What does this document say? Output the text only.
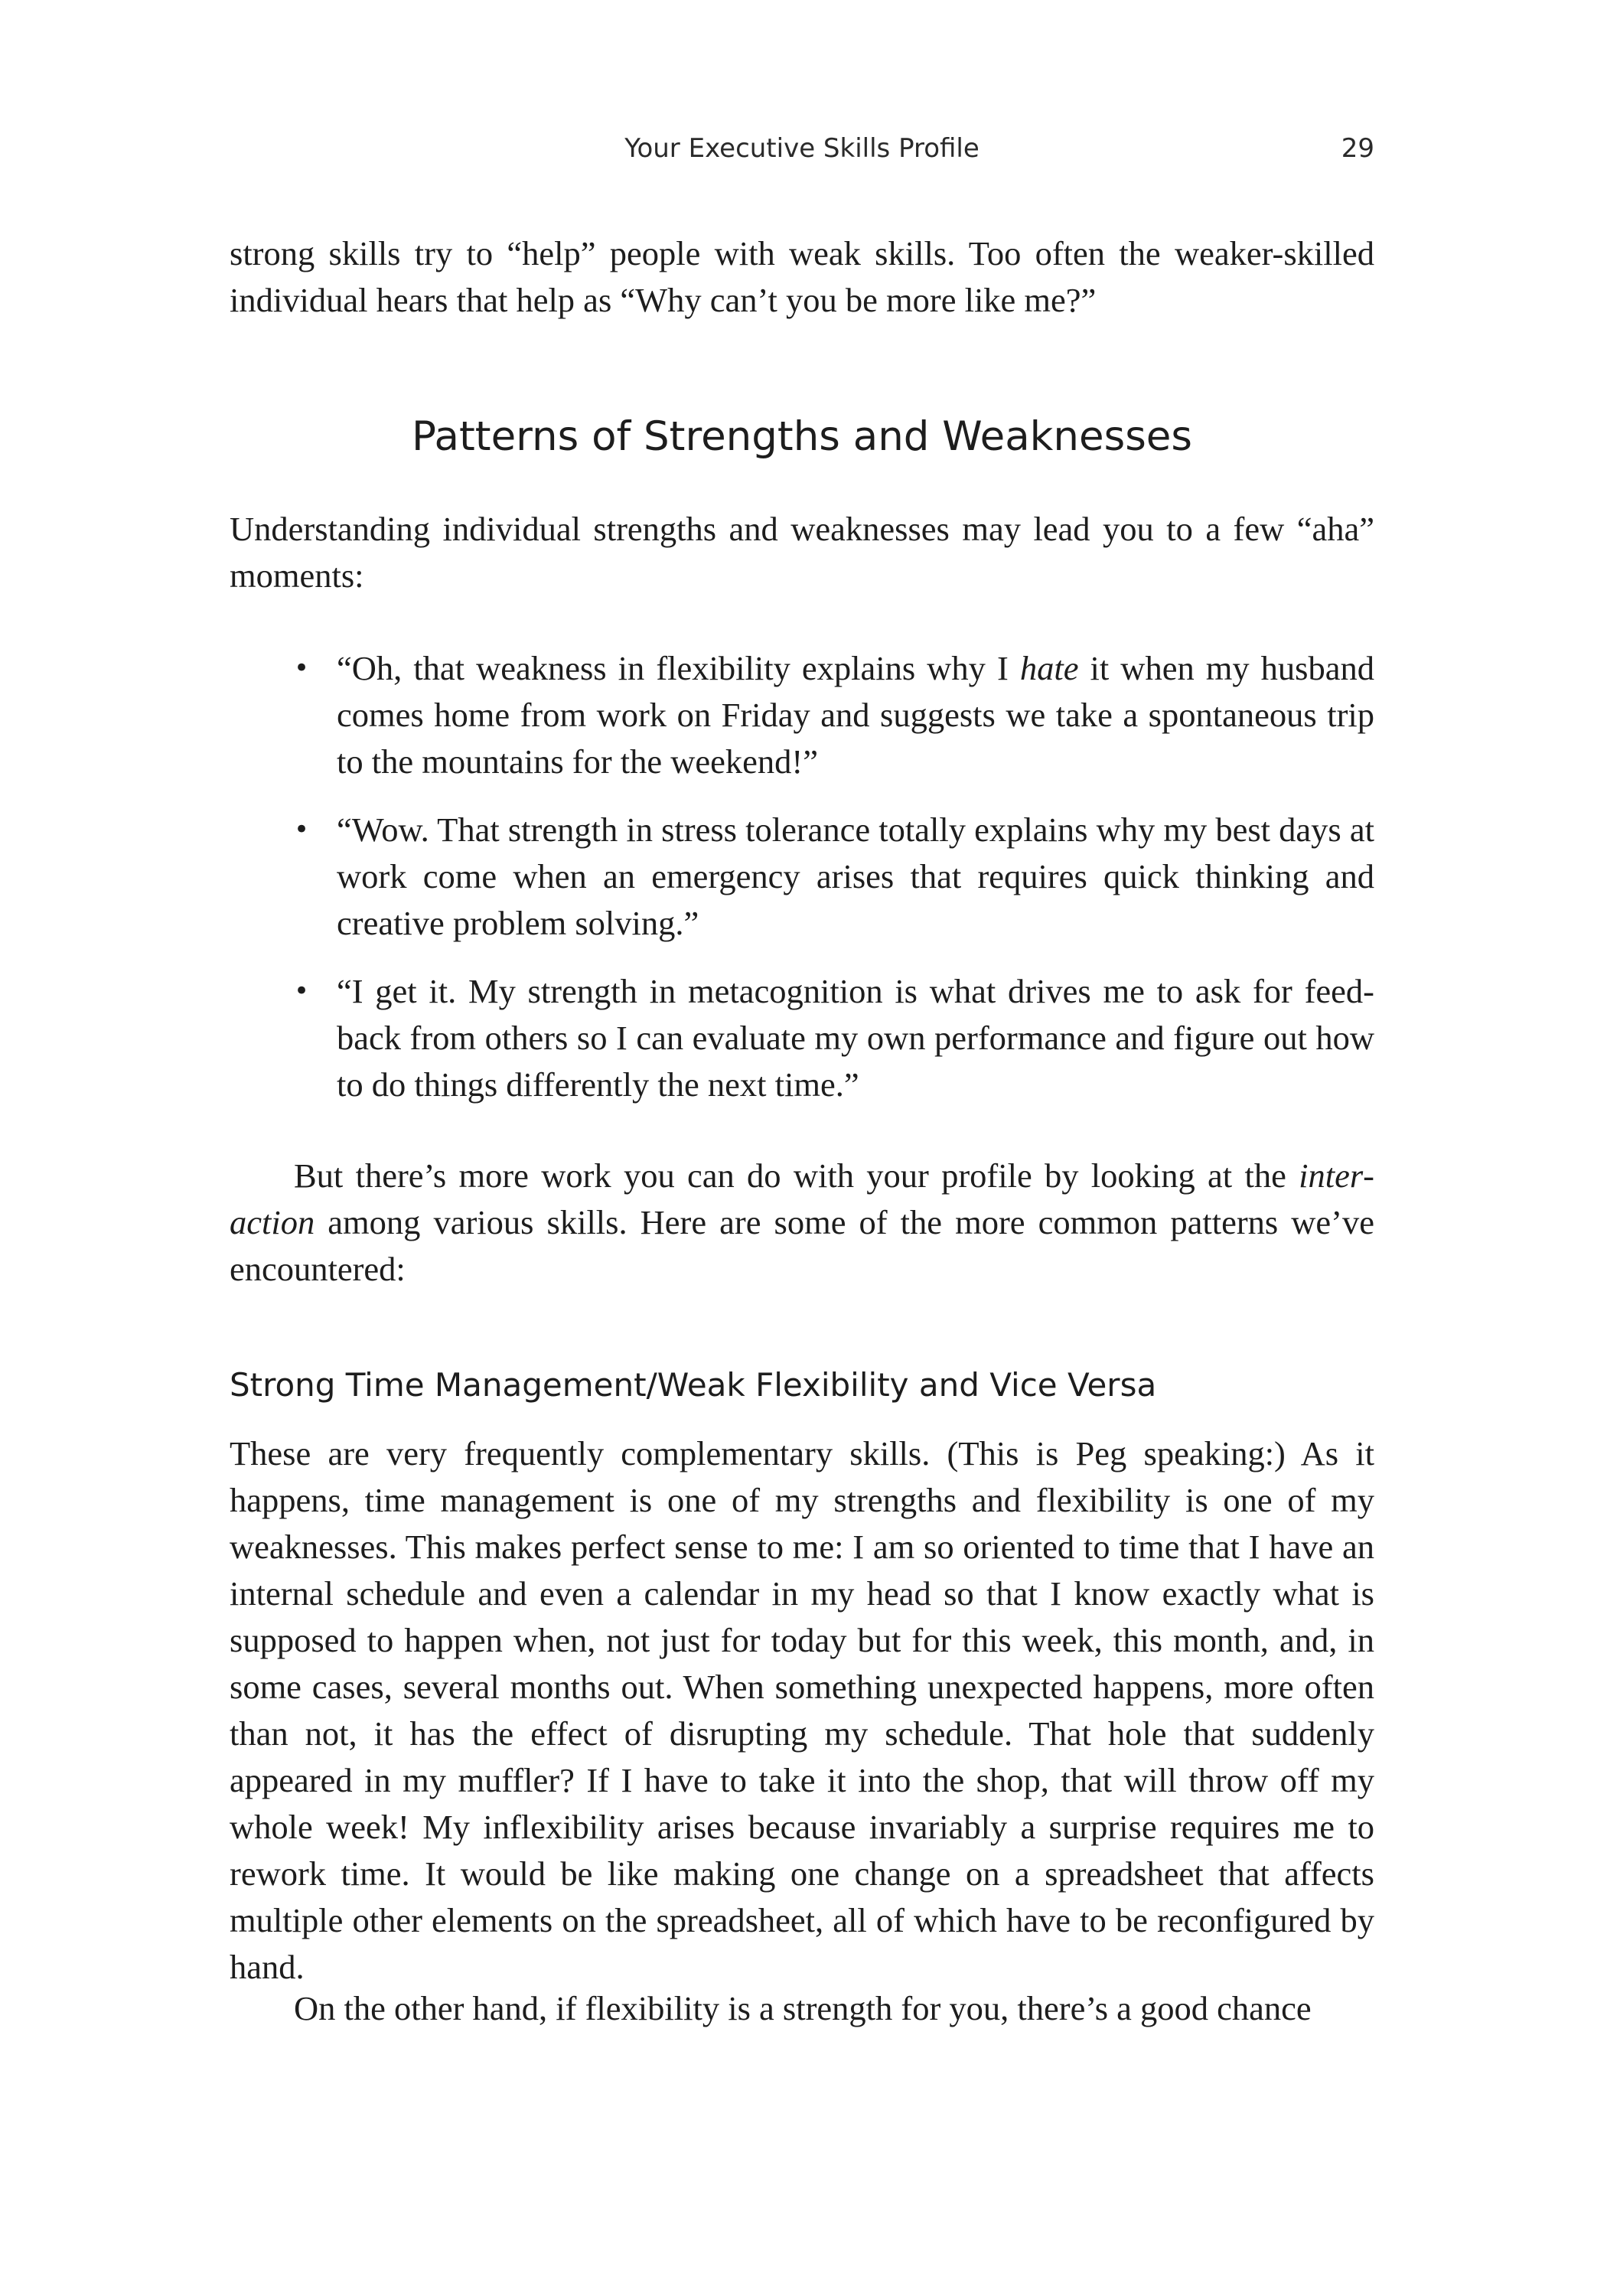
Your Executive Skills Profile	29

strong skills try to “help” people with weak skills. Too often the weaker-skilled individual hears that help as “Why can’t you be more like me?”

Patterns of Strengths and Weaknesses

Understanding individual strengths and weaknesses may lead you to a few “aha” moments:

• “Oh, that weakness in flexibility explains why I hate it when my husband comes home from work on Friday and suggests we take a spontaneous trip to the mountains for the weekend!”
• “Wow. That strength in stress tolerance totally explains why my best days at work come when an emergency arises that requires quick thinking and creative problem solving.”
• “I get it. My strength in metacognition is what drives me to ask for feedback from others so I can evaluate my own performance and figure out how to do things differently the next time.”

But there’s more work you can do with your profile by looking at the interaction among various skills. Here are some of the more common patterns we’ve encountered:

Strong Time Management/Weak Flexibility and Vice Versa

These are very frequently complementary skills. (This is Peg speaking:) As it happens, time management is one of my strengths and flexibility is one of my weaknesses. This makes perfect sense to me: I am so oriented to time that I have an internal schedule and even a calendar in my head so that I know exactly what is supposed to happen when, not just for today but for this week, this month, and, in some cases, several months out. When something unexpected happens, more often than not, it has the effect of disrupting my schedule. That hole that suddenly appeared in my muffler? If I have to take it into the shop, that will throw off my whole week! My inflexibility arises because invariably a surprise requires me to rework time. It would be like making one change on a spreadsheet that affects multiple other elements on the spreadsheet, all of which have to be reconfigured by hand.

On the other hand, if flexibility is a strength for you, there’s a good chance
